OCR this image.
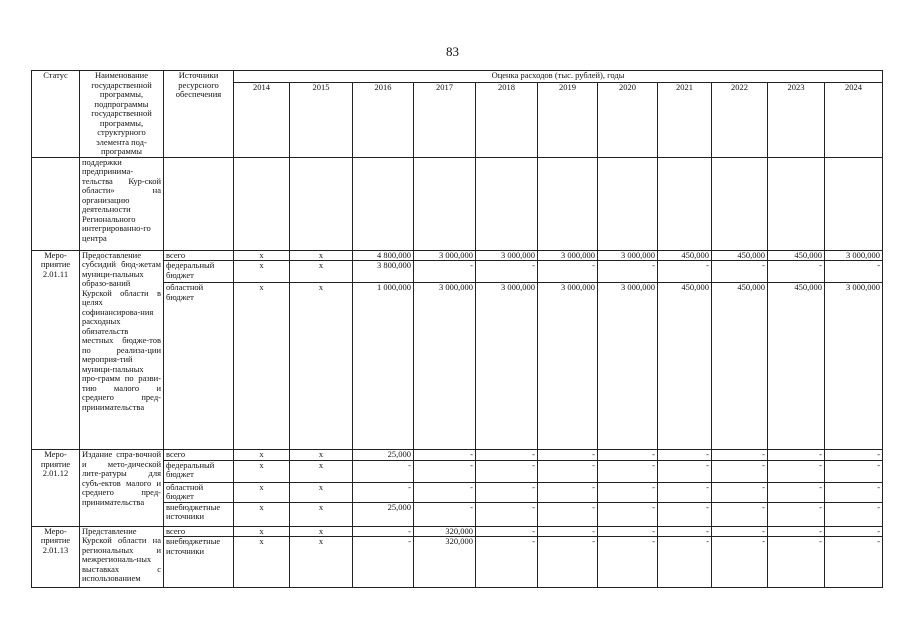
83
Статус	Наименование государственной программы, подпрограммы государственной программы, структурного элемента под-программы	Источники ресурсного обеспечения	Оценка расходов (тыс. рублей), годы										
			2014	2015	2016	2017	2018	2019	2020	2021	2022	2023	2024
	поддержки предпринима-тельства Кур-ской области» на организацию деятельности Регионального интегрированно-го центра												
Меро-приятие 2.01.11	Предоставление субсидий бюд-жетам муници-пальных образо-ваний Курской области в целях софинансирова-ния расходных обязательств местных бюдже-тов по реализа-ции мероприя-тий муници-пальных про-грамм по разви-тию малого и среднего пред-принимательства	всего	x	x	4 800,000	3 000,000	3 000,000	3 000,000	3 000,000	450,000	450,000	450,000	3 000,000
		федеральный бюджет	x	x	3 800,000	-	-	-	-	-	-	-	-
		областной бюджет	x	x	1 000,000	3 000,000	3 000,000	3 000,000	3 000,000	450,000	450,000	450,000	3 000,000
Меро-приятие 2.01.12	Издание спра-вочной и мето-дической лите-ратуры для субъ-ектов малого и среднего пред-принимательства	всего	x	x	25,000	-	-	-	-	-	-	-	-
		федеральный бюджет	x	x	-	-	-	-	-	-	-	-	-
		областной бюджет	x	x	-	-	-	-	-	-	-	-	-
		внебюджетные источники	x	x	25,000	-	-	-	-	-	-	-	-
Меро-приятие 2.01.13	Представление Курской области на региональных и межрегиональ-ных выставках с использованием	всего	x	x	-	320,000	-	-	-	-	-	-	-
		внебюджетные источники	x	x	-	320,000	-	-	-	-	-	-	-
